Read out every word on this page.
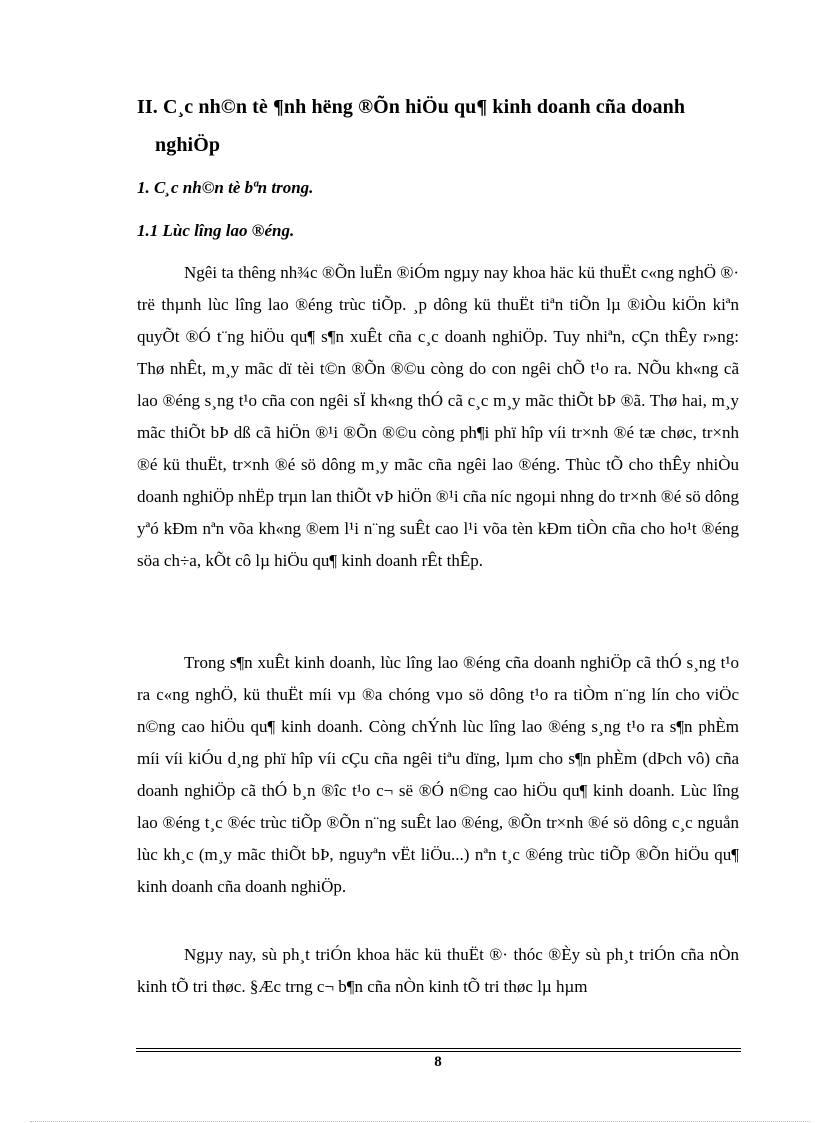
II. C¸c nh©n tè ¶nh hëng ®Õn hiÖu qu¶ kinh doanh cña doanh
nghiÖp
1. C¸c nh©n tè bªn trong.
1.1 Lùc lîng lao ®éng.

Ngêi ta thêng nh¾c ®Õn luËn ®iÓm ngµy nay khoa häc kü thuËt c«ng nghÖ ®· trë thµnh lùc lîng lao ®éng trùc tiÕp. ¸p dông kü thuËt tiªn tiÕn lµ ®iÒu kiÖn kiªn quyÕt ®Ó t¨ng hiÖu qu¶ s¶n xuÊt cña c¸c doanh nghiÖp. Tuy nhiªn, cÇn thÊy r»ng: Thø nhÊt, m¸y mãc dï tèi t©n ®Õn ®©u còng do con ngêi chÕ t¹o ra. NÕu kh«ng cã lao ®éng s¸ng t¹o cña con ngêi sÏ kh«ng thÓ cã c¸c m¸y mãc thiÕt bÞ ®ã. Thø hai, m¸y mãc thiÕt bÞ dß cã hiÖn ®¹i ®Õn ®©u còng ph¶i phï hîp víi tr×nh ®é tæ chøc, tr×nh ®é kü thuËt, tr×nh ®é sö dông m¸y mãc cña ngêi lao ®éng. Thùc tÕ cho thÊy nhiÒu doanh nghiÖp nhËp trµn lan thiÕt vÞ hiÖn ®¹i cña níc ngoµi nhng do tr×nh ®é sö dông yªó kÐm nªn võa kh«ng ®em l¹i n¨ng suÊt cao l¹i võa tèn kÐm tiÒn cña cho ho¹t ®éng söa ch÷a, kÕt cô lµ hiÖu qu¶ kinh doanh rÊt thÊp.

Trong s¶n xuÊt kinh doanh, lùc lîng lao ®éng cña doanh nghiÖp cã thÓ s¸ng t¹o ra c«ng nghÖ, kü thuËt míi vµ ®a chóng vµo sö dông t¹o ra tiÒm n¨ng lín cho viÖc n©ng cao hiÖu qu¶ kinh doanh. Còng chÝnh lùc lîng lao ®éng s¸ng t¹o ra s¶n phÈm míi víi kiÓu d¸ng phï hîp víi cÇu cña ngêi tiªu dïng, lµm cho s¶n phÈm (dÞch vô) cña doanh nghiÖp cã thÓ b¸n ®îc t¹o c¬ së ®Ó n©ng cao hiÖu qu¶ kinh doanh. Lùc lîng lao ®éng t¸c ®éc trùc tiÕp ®Õn n¨ng suÊt lao ®éng, ®Õn tr×nh ®é sö dông c¸c nguån lùc kh¸c (m¸y mãc thiÕt bÞ, nguyªn vËt liÖu...) nªn t¸c ®éng trùc tiÕp ®Õn hiÖu qu¶ kinh doanh cña doanh nghiÖp.

Ngµy nay, sù ph¸t triÓn khoa häc kü thuËt ®· thóc ®Èy sù ph¸t triÓn cña nÒn kinh tÕ tri thøc. §Æc trng c¬ b¶n cña nÒn kinh tÕ tri thøc lµ hµm

8
